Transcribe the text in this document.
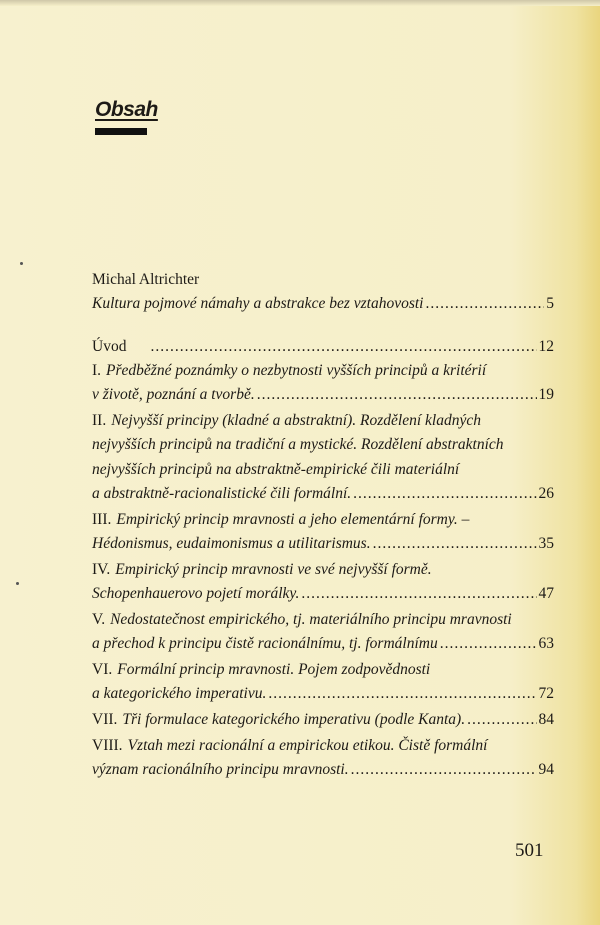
Obsah
Michal Altrichter
Kultura pojmové námahy a abstrakce bez vztahovosti .....	5
Úvod .....	12
I. Předběžné poznámky o nezbytnosti vyšších principů a kritérií
v životě, poznání a tvorbě. .....	19
II. Nejvyšší principy (kladné a abstraktní). Rozdělení kladných
nejvyšších principů na tradiční a mystické. Rozdělení abstraktních
nejvyšších principů na abstraktně-empirické čili materiální
a abstraktně-racionalistické čili formální. .....	26
III. Empirický princip mravnosti a jeho elementární formy. –
Hédonismus, eudaimonismus a utilitarismus. .....	35
IV. Empirický princip mravnosti ve své nejvyšší formě.
Schopenhauerovo pojetí morálky. .....	47
V. Nedostatečnost empirického, tj. materiálního principu mravnosti
a přechod k principu čistě racionálnímu, tj. formálnímu .....	63
VI. Formální princip mravnosti. Pojem zodpovědnosti
a kategorického imperativu. .....	72
VII. Tři formulace kategorického imperativu (podle Kanta). .....	84
VIII. Vztah mezi racionální a empirickou etikou. Čistě formální
význam racionálního principu mravnosti. .....	94
501
